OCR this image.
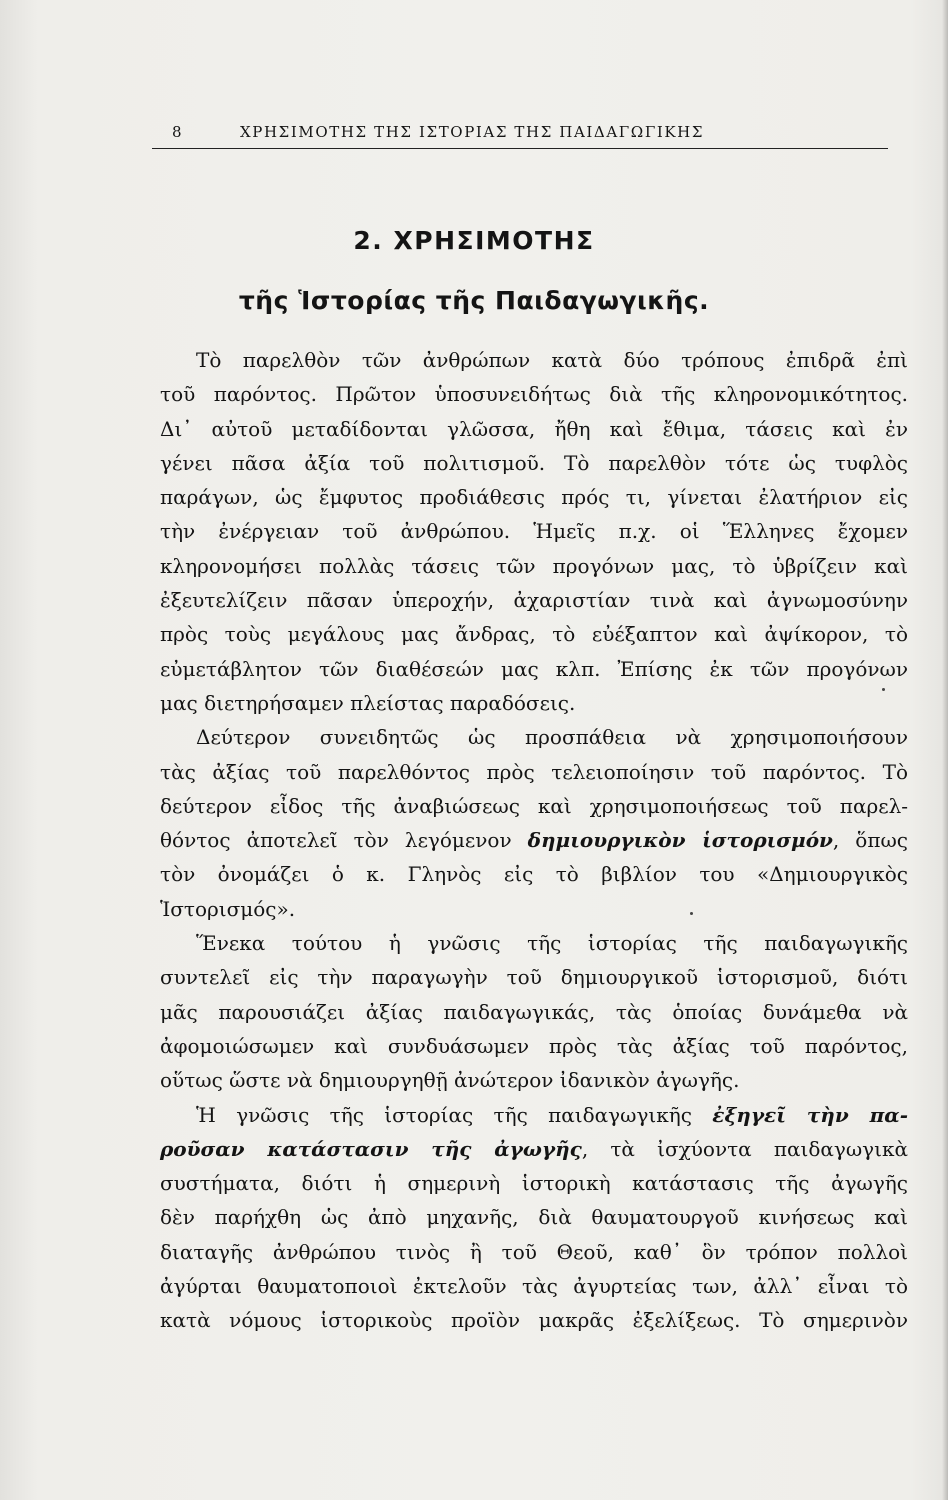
8	ΧΡΗΣΙΜΟΤΗΣ ΤΗΣ ΙΣΤΟΡΙΑΣ ΤΗΣ ΠΑΙΔΑΓΩΓΙΚΗΣ
2. ΧΡΗΣΙΜΟΤΗΣ
τῆς Ἱστορίας τῆς Παιδαγωγικῆς.
Τὸ παρελθὸν τῶν ἀνθρώπων κατὰ δύο τρόπους ἐπιδρᾶ ἐπὶ
τοῦ παρόντος. Πρῶτον ὑποσυνειδήτως διὰ τῆς κληρονομικότητος.
Δι᾽ αὐτοῦ μεταδίδονται γλῶσσα, ἤθη καὶ ἔθιμα, τάσεις καὶ ἐν
γένει πᾶσα ἀξία τοῦ πολιτισμοῦ. Τὸ παρελθὸν τότε ὡς τυφλὸς
παράγων, ὡς ἔμφυτος προδιάθεσις πρός τι, γίνεται ἐλατήριον εἰς
τὴν ἐνέργειαν τοῦ ἀνθρώπου. Ἡμεῖς π.χ. οἱ Ἕλληνες ἔχομεν
κληρονομήσει πολλὰς τάσεις τῶν προγόνων μας, τὸ ὑβρίζειν καὶ
ἐξευτελίζειν πᾶσαν ὑπεροχήν, ἀχαριστίαν τινὰ καὶ ἀγνωμοσύνην
πρὸς τοὺς μεγάλους μας ἄνδρας, τὸ εὐέξαπτον καὶ ἀψίκορον, τὸ
εὐμετάβλητον τῶν διαθέσεών μας κλπ. Ἐπίσης ἐκ τῶν προγόνων
μας διετηρήσαμεν πλείστας παραδόσεις.
Δεύτερον συνειδητῶς ὡς προσπάθεια νὰ χρησιμοποιήσουν
τὰς ἀξίας τοῦ παρελθόντος πρὸς τελειοποίησιν τοῦ παρόντος. Τὸ
δεύτερον εἶδος τῆς ἀναβιώσεως καὶ χρησιμοποιήσεως τοῦ παρελ-
θόντος ἀποτελεῖ τὸν λεγόμενον δημιουργικὸν ἱστορισμόν, ὅπως
τὸν ὀνομάζει ὁ κ. Γληνὸς εἰς τὸ βιβλίον του «Δημιουργικὸς
Ἱστορισμός».
Ἕνεκα τούτου ἡ γνῶσις τῆς ἱστορίας τῆς παιδαγωγικῆς
συντελεῖ εἰς τὴν παραγωγὴν τοῦ δημιουργικοῦ ἱστορισμοῦ, διότι
μᾶς παρουσιάζει ἀξίας παιδαγωγικάς, τὰς ὁποίας δυνάμεθα νὰ
ἀφομοιώσωμεν καὶ συνδυάσωμεν πρὸς τὰς ἀξίας τοῦ παρόντος,
οὕτως ὥστε νὰ δημιουργηθῇ ἀνώτερον ἰδανικὸν ἀγωγῆς.
Ἡ γνῶσις τῆς ἱστορίας τῆς παιδαγωγικῆς ἐξηγεῖ τὴν πα-
ροῦσαν κατάστασιν τῆς ἀγωγῆς, τὰ ἰσχύοντα παιδαγωγικὰ
συστήματα, διότι ἡ σημερινὴ ἱστορικὴ κατάστασις τῆς ἀγωγῆς
δὲν παρήχθη ὡς ἀπὸ μηχανῆς, διὰ θαυματουργοῦ κινήσεως καὶ
διαταγῆς ἀνθρώπου τινὸς ἢ τοῦ Θεοῦ, καθ᾽ ὃν τρόπον πολλοὶ
ἀγύρται θαυματοποιοὶ ἐκτελοῦν τὰς ἀγυρτείας των, ἀλλ᾽ εἶναι τὸ
κατὰ νόμους ἱστορικοὺς προϊὸν μακρᾶς ἐξελίξεως. Τὸ σημερινὸν
